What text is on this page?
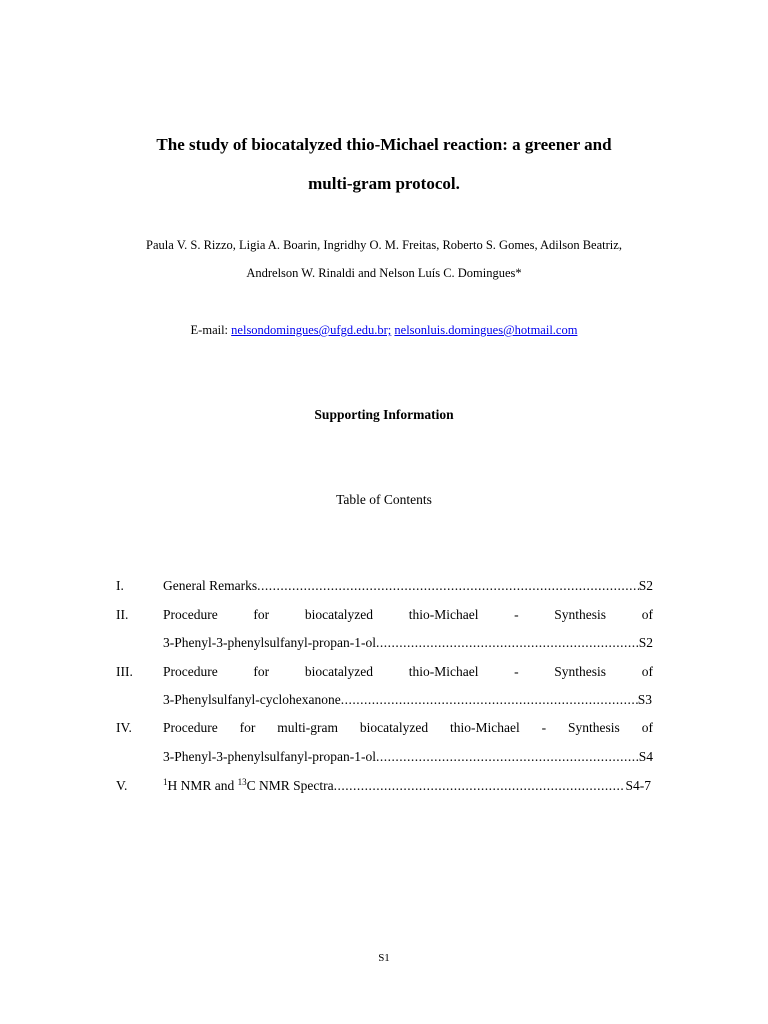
The study of biocatalyzed thio-Michael reaction: a greener and
multi-gram protocol.
Paula V. S. Rizzo, Ligia A. Boarin, Ingridhy O. M. Freitas, Roberto S. Gomes, Adilson Beatriz,
Andrelson W. Rinaldi and Nelson Luís C. Domingues*
E-mail: nelsondomingues@ufgd.edu.br; nelsonluis.domingues@hotmail.com
Supporting Information
Table of Contents
I.	General Remarks .....	S2
II.	Procedure	for	biocatalyzed	thio-Michael	-	Synthesis	of
3-Phenyl-3-phenylsulfanyl-propan-1-ol .....	S2
III. Procedure	for	biocatalyzed	thio-Michael	-	Synthesis	of
3-Phenylsulfanyl-cyclohexanone .....	S3
IV. Procedure for multi-gram biocatalyzed thio-Michael - Synthesis of
3-Phenyl-3-phenylsulfanyl-propan-1-ol .....	S4
V.	$^1$H NMR and $^{13}$C NMR Spectra .....	S4-7
S1
